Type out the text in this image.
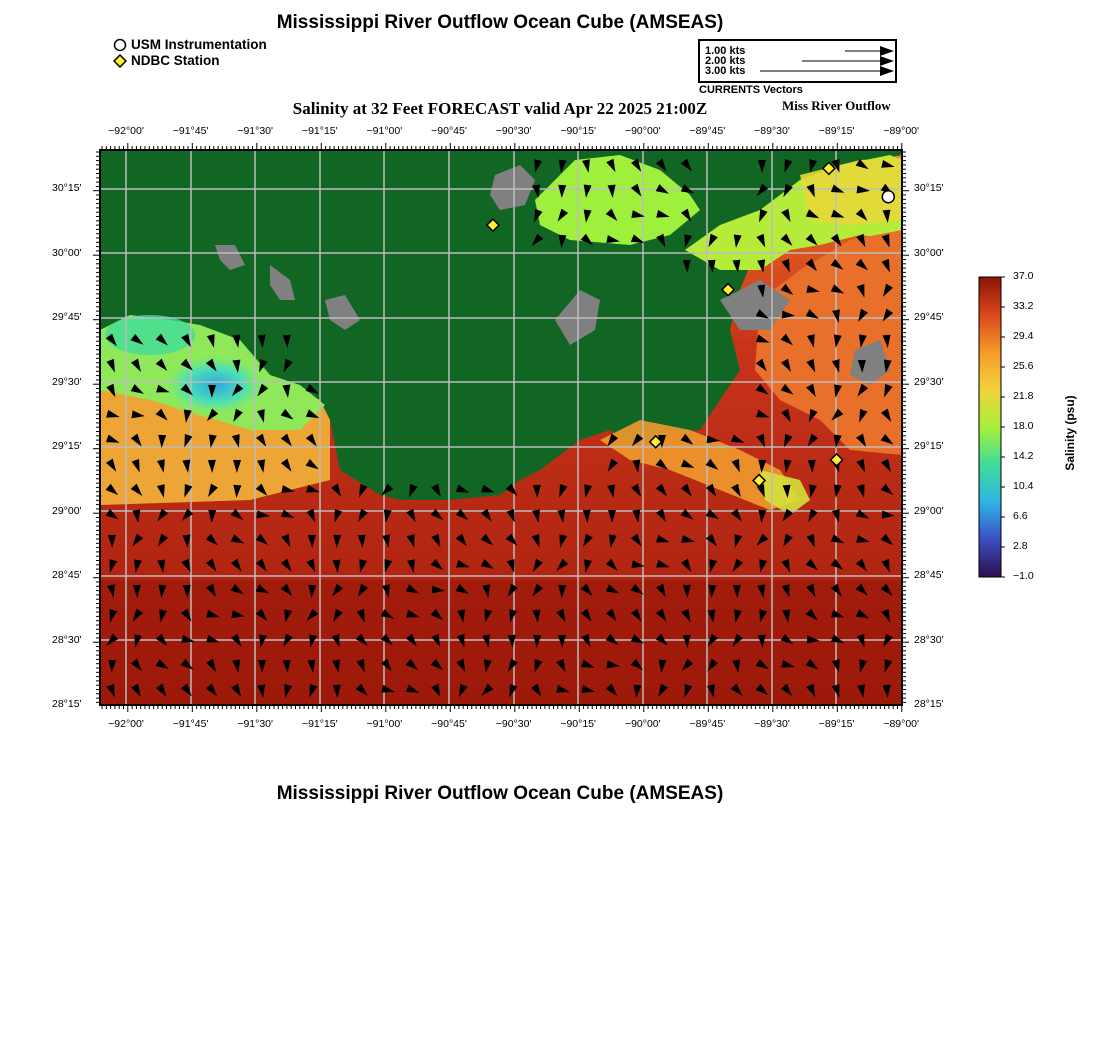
Mississippi River Outflow Ocean Cube (AMSEAS)
USM Instrumentation
NDBC Station
1.00 kts
2.00 kts
3.00 kts
CURRENTS Vectors
Salinity at 32 Feet FORECAST valid Apr 22 2025 21:00Z	Miss River Outflow
−92°00'
−92°00'
−91°45'
−91°45'
−91°30'
−91°30'
−91°15'
−91°15'
−91°00'
−91°00'
−90°45'
−90°45'
−90°30'
−90°30'
−90°15'
−90°15'
−90°00'
−90°00'
−89°45'
−89°45'
−89°30'
−89°30'
−89°15'
−89°15'
−89°00'
−89°00'
30°15'	30°15'
30°00'	30°00'
29°45'	29°45'
29°30'	29°30'
29°15'	29°15'
29°00'	29°00'
28°45'	28°45'
28°30'	28°30'
28°15'	28°15'
37.0
33.2
29.4
25.6
21.8
18.0
14.2
10.4
6.6
2.8
−1.0
Salinity (psu)
Mississippi River Outflow Ocean Cube (AMSEAS)
